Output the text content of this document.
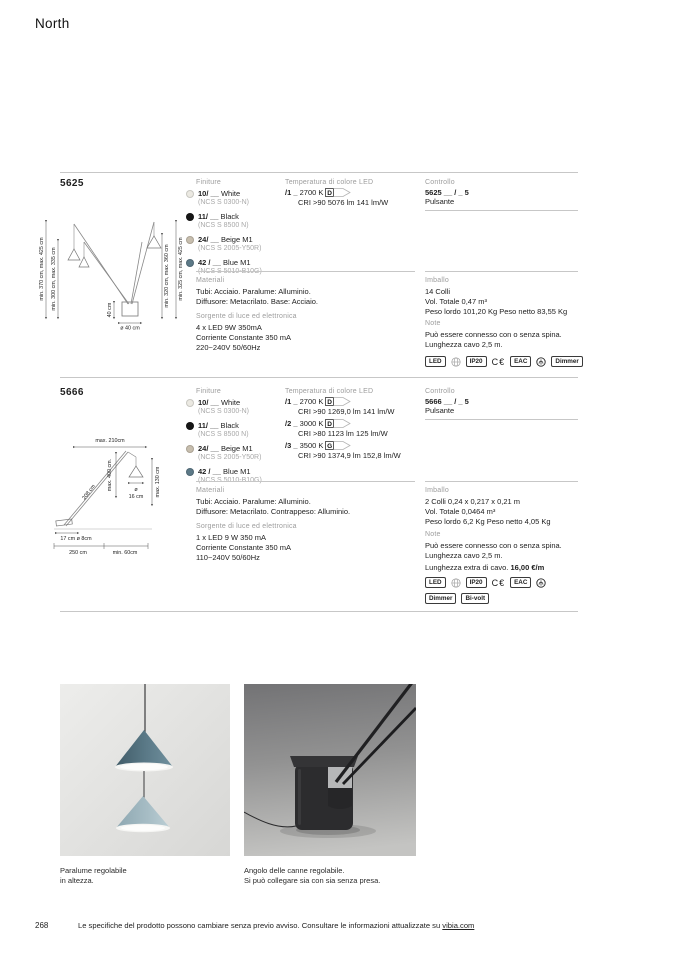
North
5625
min. 370 cm, max. 425 cm min. 300 cm, max. 335 cm	40 cm
ø 40 cm
min. 320 cm, max. 360 cm min. 325 cm, max. 425 cm
Finiture
10/ __ White
(NCS S 0300-N)
11/ __ Black
(NCS S 8500 N)
24/ __ Beige M1
(NCS S 2005-Y50R)
42 / __ Blue M1
Temperatura di colore LED
/1 _ 2700 K D
CRI >90 5076 lm 141 lm/W
Controllo
5625 __ / _ 5
Pulsante
Materiali
Tubi: Acciaio. Paralume: Alluminio.
Diffusore: Metacrilato. Base: Acciaio.
Sorgente di luce ed elettronica
4 x LED 9W 350mA
Corriente Constante 350 mA
220~240V 50/60Hz
Imballo
14 Colli
Vol. Totale 0,47 m³
Peso lordo 101,20 Kg Peso netto 83,55 Kg
Note
Può essere connesso con o senza spina.
Lunghezza cavo 2,5 m.
LED	IP20	C€	EAC	Dimmer
5666
max. 210cm
max. 400 cm.
208 cm	ø
16 cm max. 130 cm
17 cm ø 8cm
250 cm	min. 60cm
Finiture
10/ __ White
(NCS S 0300-N)
11/ __ Black
(NCS S 8500 N)
24/ __ Beige M1
(NCS S 2005-Y50R)
42 / __ Blue M1
Temperatura di colore LED
/1 _ 2700 K D
CRI >90 1269,0 lm 141 lm/W
/2 _ 3000 K D
CRI >80 1123 lm 125 lm/W
/3 _ 3500 K G
CRI >90 1374,9 lm 152,8 lm/W
Controllo
5666 __ / _ 5
Pulsante
Materiali
Tubi: Acciaio. Paralume: Alluminio.
Diffusore: Metacrilato. Contrappeso: Alluminio.
Sorgente di luce ed elettronica
1 x LED 9 W 350 mA
Corriente Constante 350 mA
110~240V 50/60Hz
Imballo
2 Colli 0,24 x 0,217 x 0,21 m
Vol. Totale 0,0464 m³
Peso lordo 6,2 Kg Peso netto 4,05 Kg
Note
Può essere connesso con o senza spina.
Lunghezza cavo 2,5 m.
Lunghezza extra di cavo. 16,00 €/m
LED	IP20	C€	EAC
Dimmer	Bi-volt
Paralume regolabile
in altezza.
Angolo delle canne regolabile.
Si può collegare sia con sia senza presa.
268	Le specifiche del prodotto possono cambiare senza previo avviso. Consultare le informazioni attualizzate su vibia.com
